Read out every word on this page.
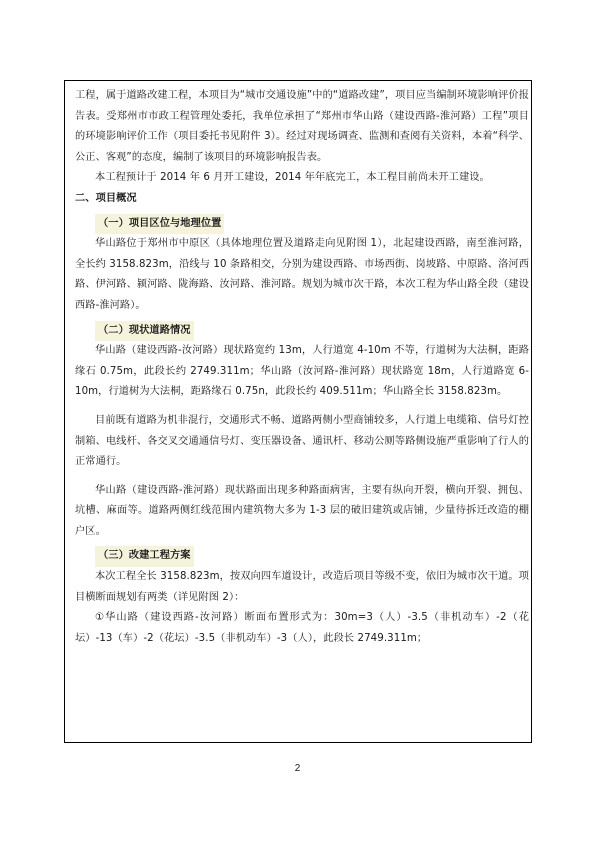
工程，属于道路改建工程，本项目为“城市交通设施”中的“道路改建”，项目应当编制环境影响评价报告表。受郑州市市政工程管理处委托，我单位承担了“郑州市华山路（建设西路-淮河路）工程”项目的环境影响评价工作（项目委托书见附件 3）。经过对现场调查、监测和查阅有关资料，本着“科学、公正、客观”的态度，编制了该项目的环境影响报告表。

本工程预计于 2014 年 6 月开工建设，2014 年年底完工，本工程目前尚未开工建设。

二、项目概况

（一）项目区位与地理位置

华山路位于郑州市中原区（具体地理位置及道路走向见附图 1），北起建设西路，南至淮河路，全长约 3158.823m，沿线与 10 条路相交，分别为建设西路、市场西街、岗坡路、中原路、洛河西路、伊河路、颍河路、陇海路、汝河路、淮河路。规划为城市次干路，本次工程为华山路全段（建设西路-淮河路）。

（二）现状道路情况

华山路（建设西路-汝河路）现状路宽约 13m，人行道宽 4-10m 不等，行道树为大法桐，距路缘石 0.75m，此段长约 2749.311m；华山路（汝河路-淮河路）现状路宽 18m，人行道路宽 6-10m，行道树为大法桐，距路缘石 0.75n，此段长约 409.511m；华山路全长 3158.823m。

目前既有道路为机非混行，交通形式不畅、道路两侧小型商铺较多，人行道上电缆箱、信号灯控制箱、电线杆、各交叉交通通信号灯、变压器设备、通讯杆、移动公厕等路侧设施严重影响了行人的正常通行。

华山路（建设西路-淮河路）现状路面出现多种路面病害，主要有纵向开裂，横向开裂、拥包、坑槽、麻面等。道路两侧红线范围内建筑物大多为 1-3 层的破旧建筑或店铺，少量待拆迁改造的棚户区。

（三）改建工程方案

本次工程全长 3158.823m，按双向四车道设计，改造后项目等级不变，依旧为城市次干道。项目横断面规划有两类（详见附图 2）：

①华山路（建设西路-汝河路）断面布置形式为：30m=3（人）-3.5（非机动车）-2（花坛）-13（车）-2（花坛）-3.5（非机动车）-3（人），此段长 2749.311m；

2
